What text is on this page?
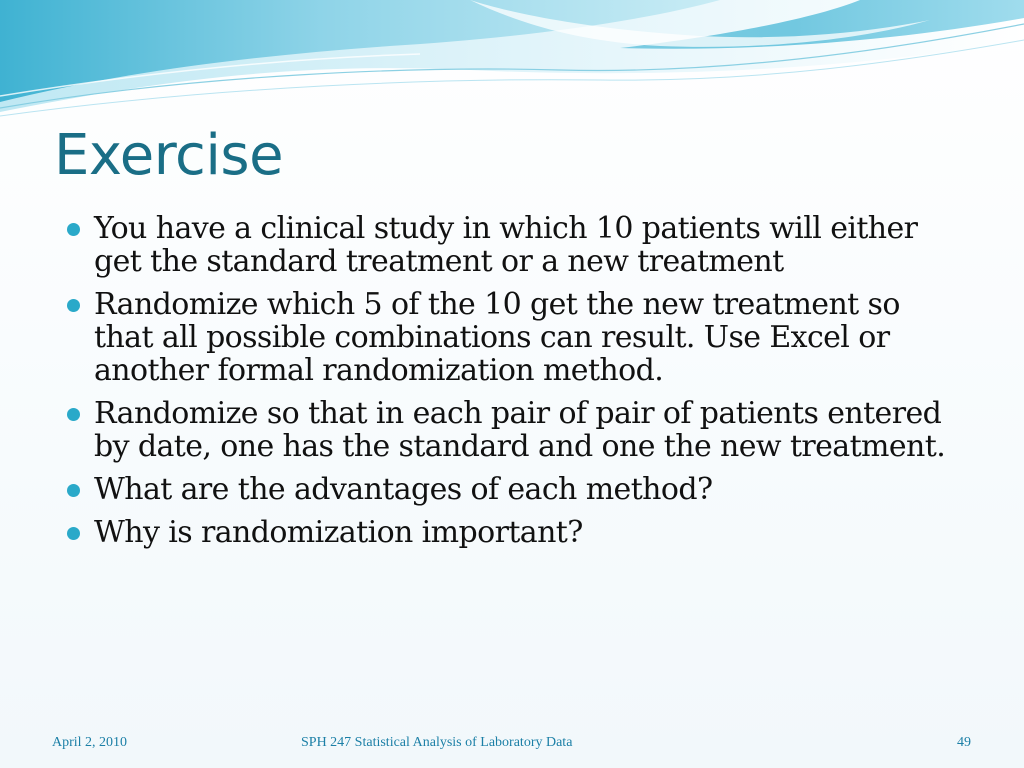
Exercise
You have a clinical study in which 10 patients will either get the standard treatment or a new treatment
Randomize which 5 of the 10 get the new treatment so that all possible combinations can result. Use Excel or another formal randomization method.
Randomize so that in each pair of pair of patients entered by date, one has the standard and one the new treatment.
What are the advantages of each method?
Why is randomization important?
April 2, 2010	SPH 247 Statistical Analysis of Laboratory Data	49
